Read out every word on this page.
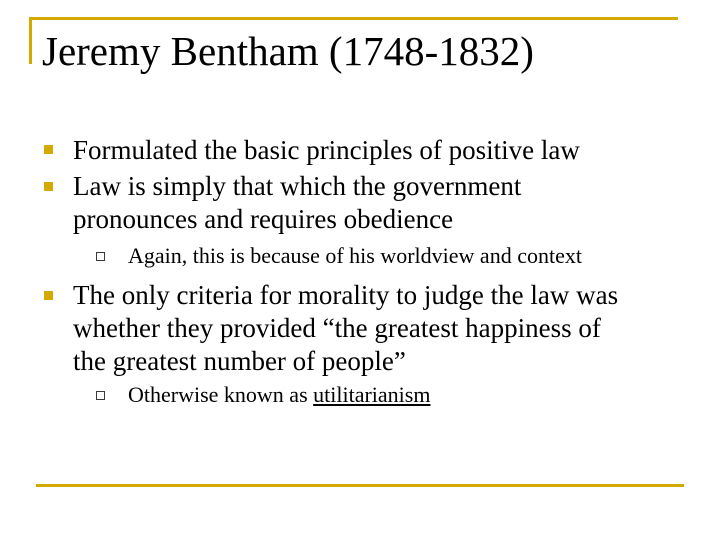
Jeremy Bentham (1748-1832)
Formulated the basic principles of positive law
Law is simply that which the government
pronounces and requires obedience
Again, this is because of his worldview and context
The only criteria for morality to judge the law was
whether they provided “the greatest happiness of
the greatest number of people”
Otherwise known as utilitarianism
